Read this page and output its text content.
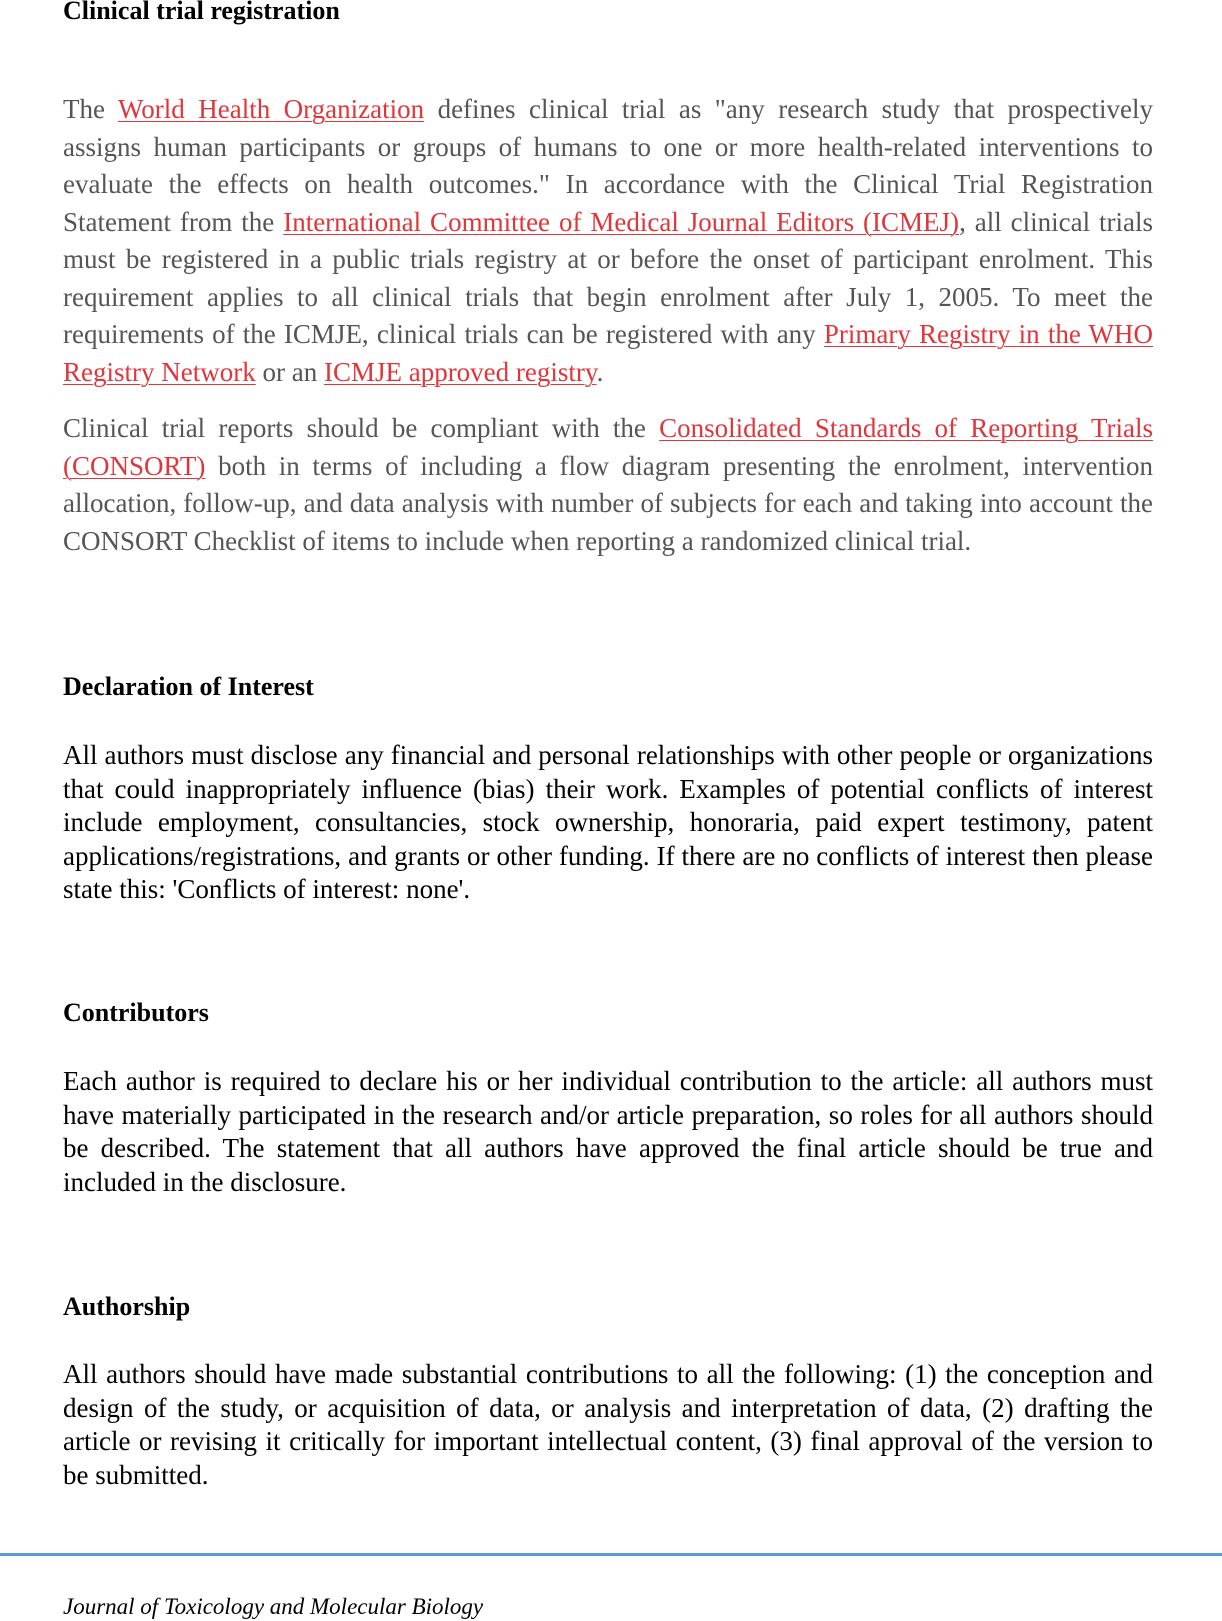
Clinical trial registration

The World Health Organization defines clinical trial as "any research study that prospectively assigns human participants or groups of humans to one or more health-related interventions to evaluate the effects on health outcomes." In accordance with the Clinical Trial Registration Statement from the International Committee of Medical Journal Editors (ICMEJ), all clinical trials must be registered in a public trials registry at or before the onset of participant enrolment. This requirement applies to all clinical trials that begin enrolment after July 1, 2005. To meet the requirements of the ICMJE, clinical trials can be registered with any Primary Registry in the WHO Registry Network or an ICMJE approved registry.

Clinical trial reports should be compliant with the Consolidated Standards of Reporting Trials (CONSORT) both in terms of including a flow diagram presenting the enrolment, intervention allocation, follow-up, and data analysis with number of subjects for each and taking into account the CONSORT Checklist of items to include when reporting a randomized clinical trial.

Declaration of Interest

All authors must disclose any financial and personal relationships with other people or organizations that could inappropriately influence (bias) their work. Examples of potential conflicts of interest include employment, consultancies, stock ownership, honoraria, paid expert testimony, patent applications/registrations, and grants or other funding. If there are no conflicts of interest then please state this: 'Conflicts of interest: none'.

Contributors

Each author is required to declare his or her individual contribution to the article: all authors must have materially participated in the research and/or article preparation, so roles for all authors should be described. The statement that all authors have approved the final article should be true and included in the disclosure.

Authorship

All authors should have made substantial contributions to all the following: (1) the conception and design of the study, or acquisition of data, or analysis and interpretation of data, (2) drafting the article or revising it critically for important intellectual content, (3) final approval of the version to be submitted.

Journal of Toxicology and Molecular Biology
